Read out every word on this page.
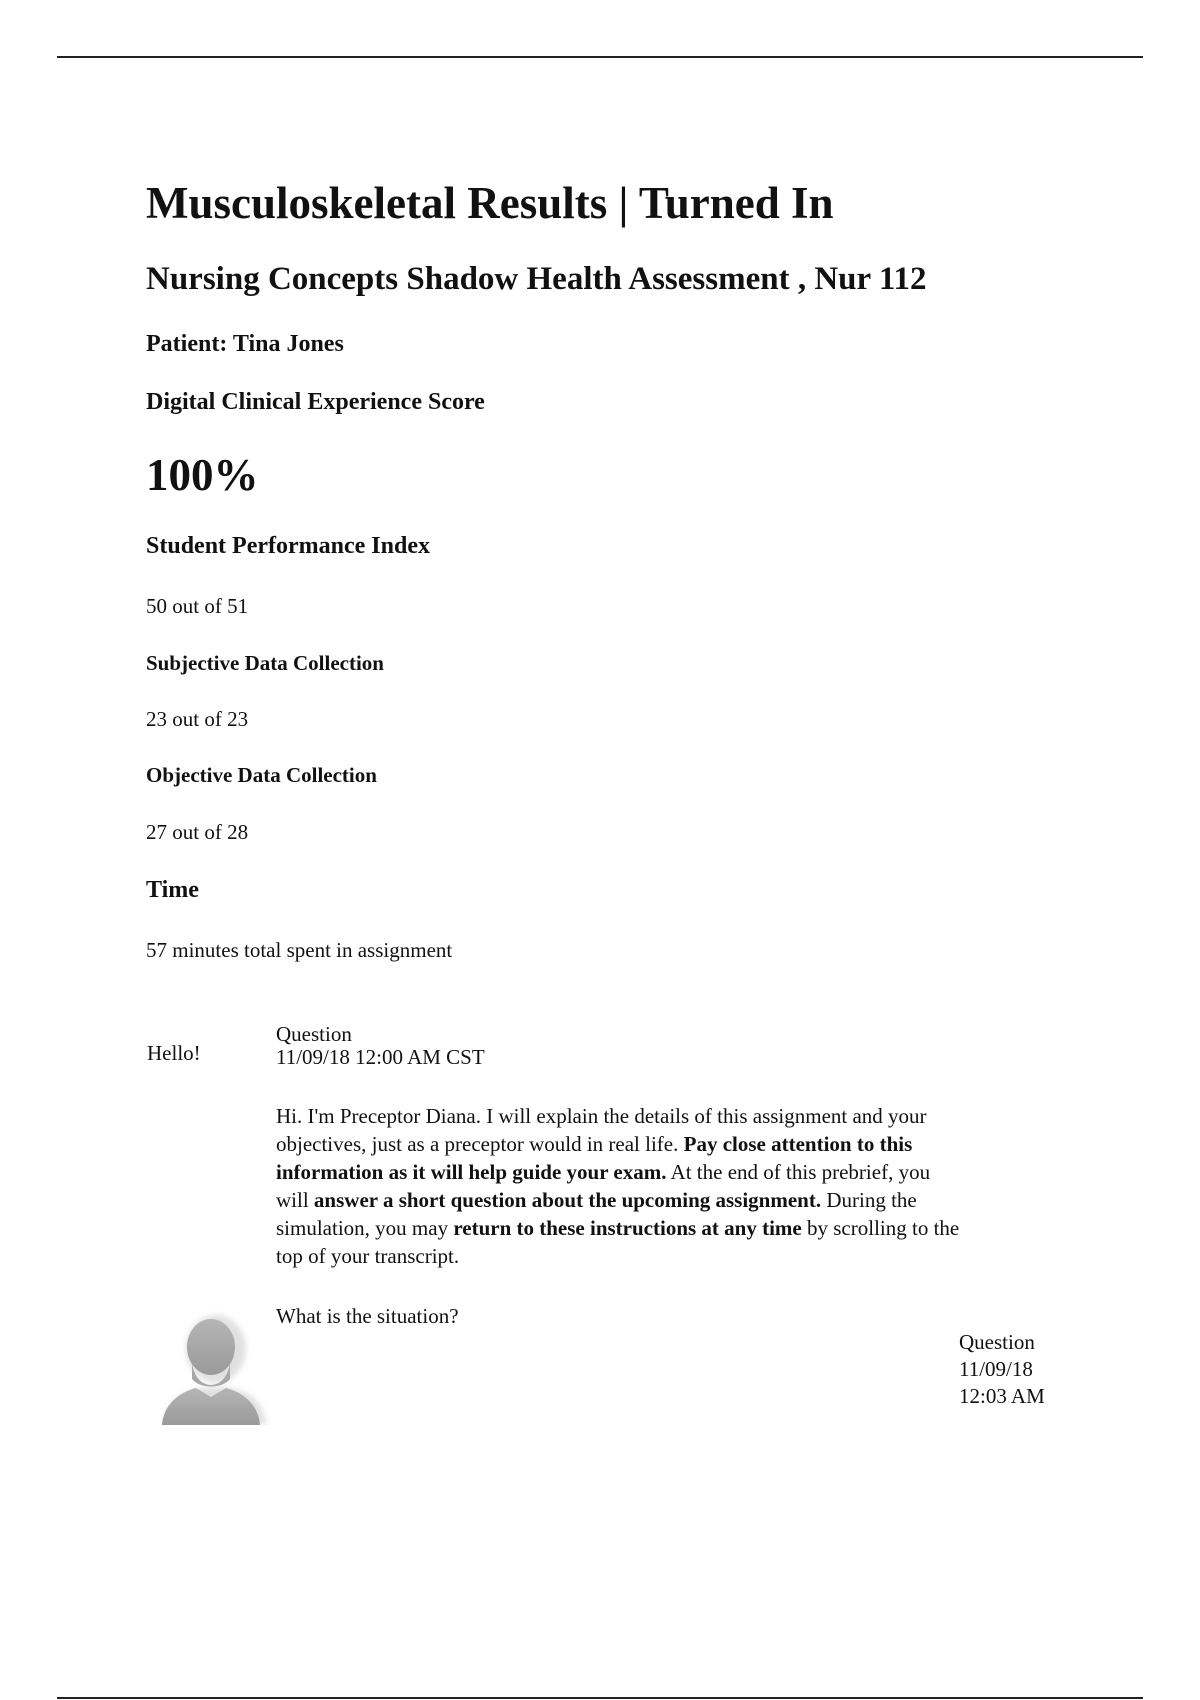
Musculoskeletal Results | Turned In
Nursing Concepts Shadow Health Assessment , Nur 112
Patient: Tina Jones
Digital Clinical Experience Score
100%
Student Performance Index
50 out of 51
Subjective Data Collection
23 out of 23
Objective Data Collection
27 out of 28
Time
57 minutes total spent in assignment
Hello!
Question
11/09/18 12:00 AM CST

Hi. I'm Preceptor Diana. I will explain the details of this assignment and your objectives, just as a preceptor would in real life. Pay close attention to this information as it will help guide your exam. At the end of this prebrief, you will answer a short question about the upcoming assignment. During the simulation, you may return to these instructions at any time by scrolling to the top of your transcript.

What is the situation?
Question
11/09/18
12:03 AM
